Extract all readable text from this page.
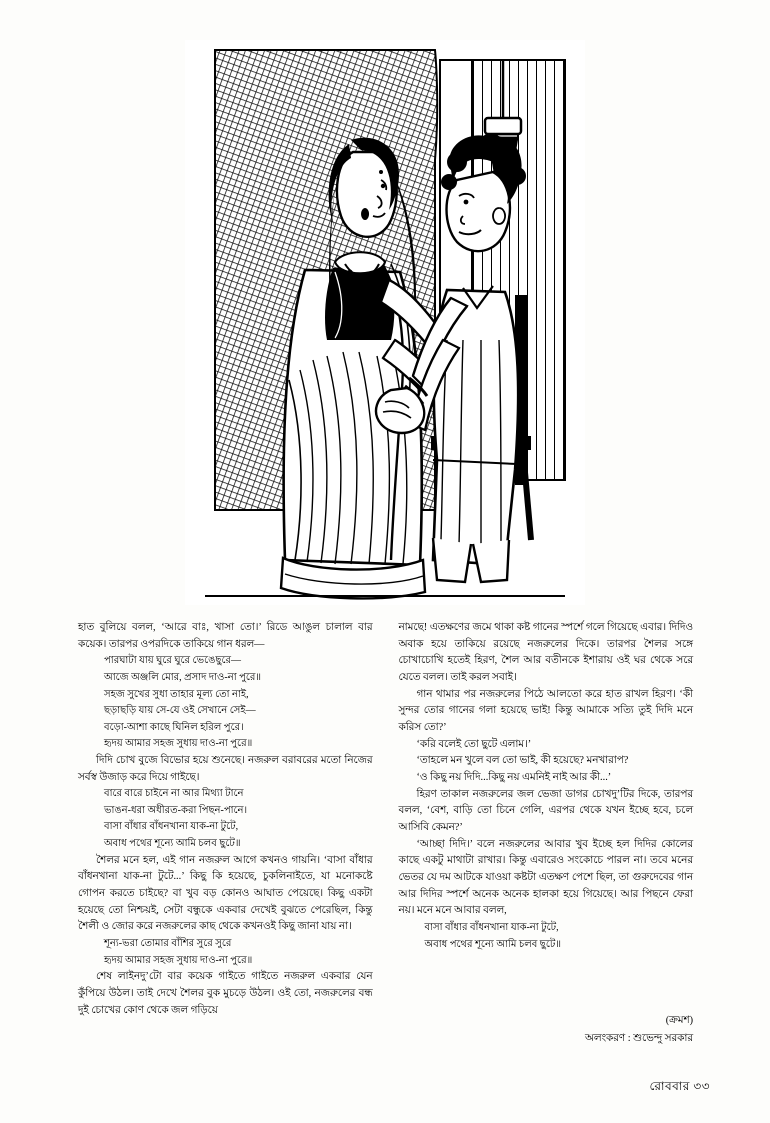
হাত বুলিয়ে বলল, ‘আরে বাঃ, খাসা তো।’ রিডে আঙুল চালাল বার কয়েক। তারপর ওপরদিকে তাকিয়ে গান ধরল—

পারঘাটা যায় ঘুরে ঘুরে ভেঙেছুরে—
আজে অঞ্জলি মোর, প্রসাদ দাও-না পুরে॥
সহজ সুখের সুধা তাহার মূল্য তো নাই,
ছড়াছড়ি যায় সে-যে ওই সেখানে সেই—
বড়ো-আশা কাছে ঘিনিল হরিল পুরে।
হৃদয় আমার সহজ সুধায় দাও-না পুরে॥

দিদি চোখ বুজে বিভোর হয়ে শুনেছে। নজরুল বরাবরের মতো নিজের সর্বস্ব উজাড় করে দিয়ে গাইছে।

বারে বারে চাইনে না আর মিথ্যা টানে
ভাঙন-ধরা অধীরত-করা পিছন-পানে।
বাসা বাঁধার বাঁধনখানা যাক-না টুটে,
অবাধ পথের শূন্যে আমি চলব ছুটে॥

শৈলর মনে হল, এই গান নজরুল আগে কখনও গায়নি। ‘বাসা বাঁধার বাঁধনখানা যাক-না টুটে...’ কিছু কি হয়েছে, চুকলিনাইতে, যা মনোকষ্টে গোপন করতে চাইছে? বা খুব বড় কোনও আঘাত পেয়েছে। কিছু একটা হয়েছে তো নিশ্চয়ই, সেটা বন্ধুকে একবার দেখেই বুঝতে পেরেছিল, কিন্তু শৈলী ও জোর করে নজরুলের কাছ থেকে কখনওই কিছু জানা যায় না।

শূন্য-ভরা তোমার বাঁশির সুরে সুরে
হৃদয় আমার সহজ সুধায় দাও-না পুরে॥

শেষ লাইনদু’টো বার কয়েক গাইতে গাইতে নজরুল একবার যেন কুঁপিয়ে উঠল। তাই দেখে শৈলর বুক মুচড়ে উঠল। ওই তো, নজরুলের বন্ধ দুই চোখের কোণ থেকে জল গড়িয়ে

নামছে! এতক্ষণের জমে থাকা কষ্ট গানের স্পর্শে গলে গিয়েছে এবার। দিদিও অবাক হয়ে তাকিয়ে রয়েছে নজরুলের দিকে। তারপর শৈলর সঙ্গে চোখাচোখি হতেই হিরণ, শৈল আর বতীনকে ইশারায় ওই ঘর থেকে সরে যেতে বলল। তাই করল সবাই।

গান থামার পর নজরুলের পিঠে আলতো করে হাত রাখল হিরণ। ‘কী সুন্দর তোর গানের গলা হয়েছে ভাই! কিন্তু আমাকে সত্যি তুই দিদি মনে করিস তো?’

‘করি বলেই তো ছুটে এলাম।’

‘তাহলে মন খুলে বল তো ভাই, কী হয়েছে? মনখারাপ?

‘ও কিছু নয় দিদি...কিছু নয় এমনিই নাই আর কী...’

হিরণ তাকাল নজরুলের জল ভেজা ডাগর চোখদু’টির দিকে, তারপর বলল, ‘বেশ, বাড়ি তো চিনে গেলি, এরপর থেকে যখন ইচ্ছে হবে, চলে আসিবি কেমন?’

‘আচ্ছা দিদি।’ বলে নজরুলের আবার খুব ইচ্ছে হল দিদির কোলের কাছে একটু মাথাটা রাখার। কিন্তু এবারেও সংকোচে পারল না। তবে মনের ভেতর যে দম আটকে যাওয়া কষ্টটা এতক্ষণ পেশে ছিল, তা গুরুদেবের গান আর দিদির স্পর্শে অনেক অনেক হালকা হয়ে গিয়েছে। আর পিছনে ফেরা নয়। মনে মনে আবার বলল,

বাসা বাঁধার বাঁধনখানা যাক-না টুটে,
অবাধ পথের শূন্যে আমি চলব ছুটে॥
(ক্রমশ)
অলংকরণ : শুভেন্দু সরকার
রোববার ৩৩
